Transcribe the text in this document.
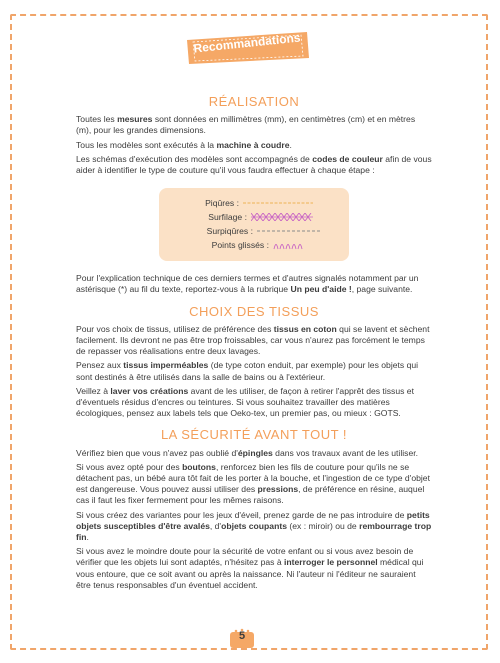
Recommandations
RÉALISATION

Toutes les mesures sont données en millimètres (mm), en centimètres (cm) et en mètres (m), pour les grandes dimensions.

Tous les modèles sont exécutés à la machine à coudre.

Les schémas d'exécution des modèles sont accompagnés de codes de couleur afin de vous aider à identifier le type de couture qu'il vous faudra effectuer à chaque étape :

Piqûres :
Surfilage :
Surpiqûres :
Points glissés :

Pour l'explication technique de ces derniers termes et d'autres signalés notamment par un astérisque (*) au fil du texte, reportez-vous à la rubrique Un peu d'aide !, page suivante.

CHOIX DES TISSUS

Pour vos choix de tissus, utilisez de préférence des tissus en coton qui se lavent et sèchent facilement. Ils devront ne pas être trop froissables, car vous n'aurez pas forcément le temps de repasser vos réalisations entre deux lavages.

Pensez aux tissus imperméables (de type coton enduit, par exemple) pour les objets qui sont destinés à être utilisés dans la salle de bains ou à l'extérieur.

Veillez à laver vos créations avant de les utiliser, de façon à retirer l'apprêt des tissus et d'éventuels résidus d'encres ou teintures. Si vous souhaitez travailler des matières écologiques, pensez aux labels tels que Oeko-tex, un premier pas, ou mieux : GOTS.

LA SÉCURITÉ AVANT TOUT !

Vérifiez bien que vous n'avez pas oublié d'épingles dans vos travaux avant de les utiliser.

Si vous avez opté pour des boutons, renforcez bien les fils de couture pour qu'ils ne se détachent pas, un bébé aura tôt fait de les porter à la bouche, et l'ingestion de ce type d'objet est dangereuse. Vous pouvez aussi utiliser des pressions, de préférence en résine, auquel cas il faut les fixer fermement pour les mêmes raisons.

Si vous créez des variantes pour les jeux d'éveil, prenez garde de ne pas introduire de petits objets susceptibles d'être avalés, d'objets coupants (ex : miroir) ou de rembourrage trop fin.

Si vous avez le moindre doute pour la sécurité de votre enfant ou si vous avez besoin de vérifier que les objets lui sont adaptés, n'hésitez pas à interroger le personnel médical qui vous entoure, que ce soit avant ou après la naissance. Ni l'auteur ni l'éditeur ne sauraient être tenus responsables d'un éventuel accident.

5
